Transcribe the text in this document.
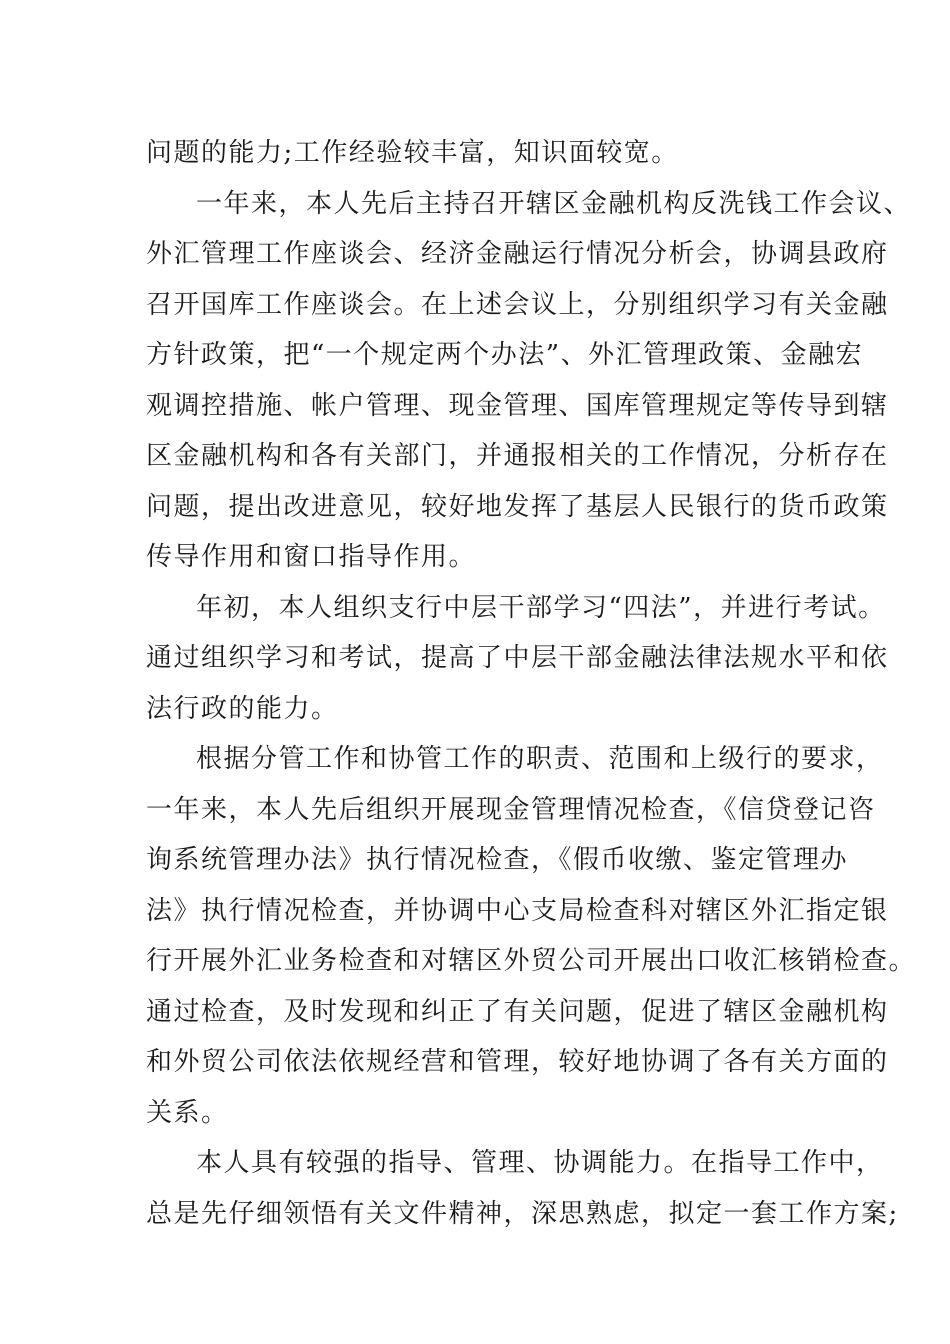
问题的能力;工作经验较丰富，知识面较宽。
一年来，本人先后主持召开辖区金融机构反洗钱工作会议、
外汇管理工作座谈会、经济金融运行情况分析会，协调县政府
召开国库工作座谈会。在上述会议上，分别组织学习有关金融
方针政策，把“一个规定两个办法”、外汇管理政策、金融宏
观调控措施、帐户管理、现金管理、国库管理规定等传导到辖
区金融机构和各有关部门，并通报相关的工作情况，分析存在
问题，提出改进意见，较好地发挥了基层人民银行的货币政策
传导作用和窗口指导作用。
年初，本人组织支行中层干部学习“四法”，并进行考试。
通过组织学习和考试，提高了中层干部金融法律法规水平和依
法行政的能力。
根据分管工作和协管工作的职责、范围和上级行的要求，
一年来，本人先后组织开展现金管理情况检查，《信贷登记咨
询系统管理办法》执行情况检查，《假币收缴、鉴定管理办
法》执行情况检查，并协调中心支局检查科对辖区外汇指定银
行开展外汇业务检查和对辖区外贸公司开展出口收汇核销检查。
通过检查，及时发现和纠正了有关问题，促进了辖区金融机构
和外贸公司依法依规经营和管理，较好地协调了各有关方面的
关系。
本人具有较强的指导、管理、协调能力。在指导工作中，
总是先仔细领悟有关文件精神，深思熟虑，拟定一套工作方案;
